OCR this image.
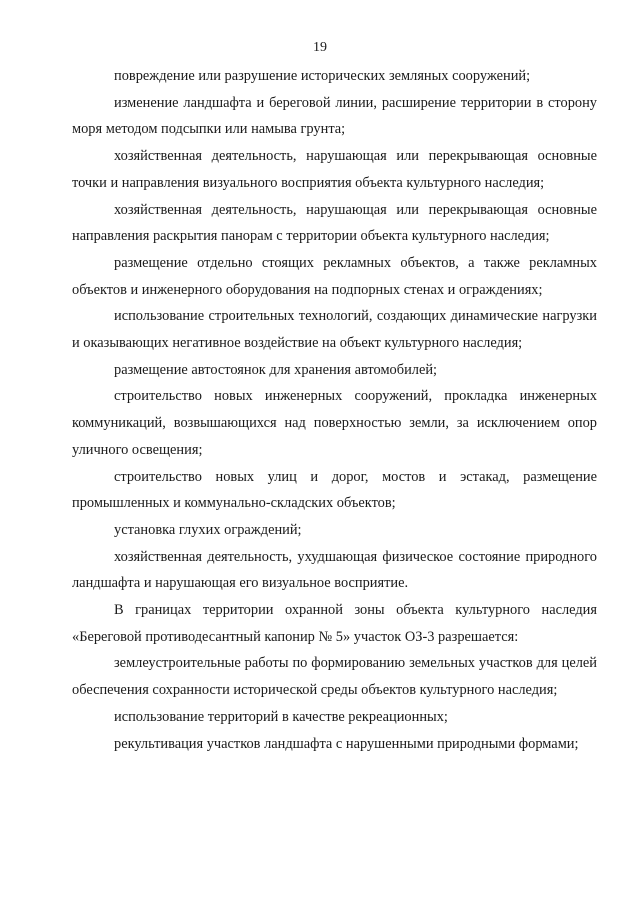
19

повреждение или разрушение исторических земляных сооружений;

изменение ландшафта и береговой линии, расширение территории в сторону моря методом подсыпки или намыва грунта;

хозяйственная деятельность, нарушающая или перекрывающая основные точки и направления визуального восприятия объекта культурного наследия;

хозяйственная деятельность, нарушающая или перекрывающая основные направления раскрытия панорам с территории объекта культурного наследия;

размещение отдельно стоящих рекламных объектов, а также рекламных объектов и инженерного оборудования на подпорных стенах и ограждениях;

использование строительных технологий, создающих динамические нагрузки и оказывающих негативное воздействие на объект культурного наследия;

размещение автостоянок для хранения автомобилей;

строительство новых инженерных сооружений, прокладка инженерных коммуникаций, возвышающихся над поверхностью земли, за исключением опор уличного освещения;

строительство новых улиц и дорог, мостов и эстакад, размещение промышленных и коммунально-складских объектов;

установка глухих ограждений;

хозяйственная деятельность, ухудшающая физическое состояние природного ландшафта и нарушающая его визуальное восприятие.

В границах территории охранной зоны объекта культурного наследия «Береговой противодесантный капонир № 5» участок ОЗ-3 разрешается:

землеустроительные работы по формированию земельных участков для целей обеспечения сохранности исторической среды объектов культурного наследия;

использование территорий в качестве рекреационных;

рекультивация участков ландшафта с нарушенными природными формами;
